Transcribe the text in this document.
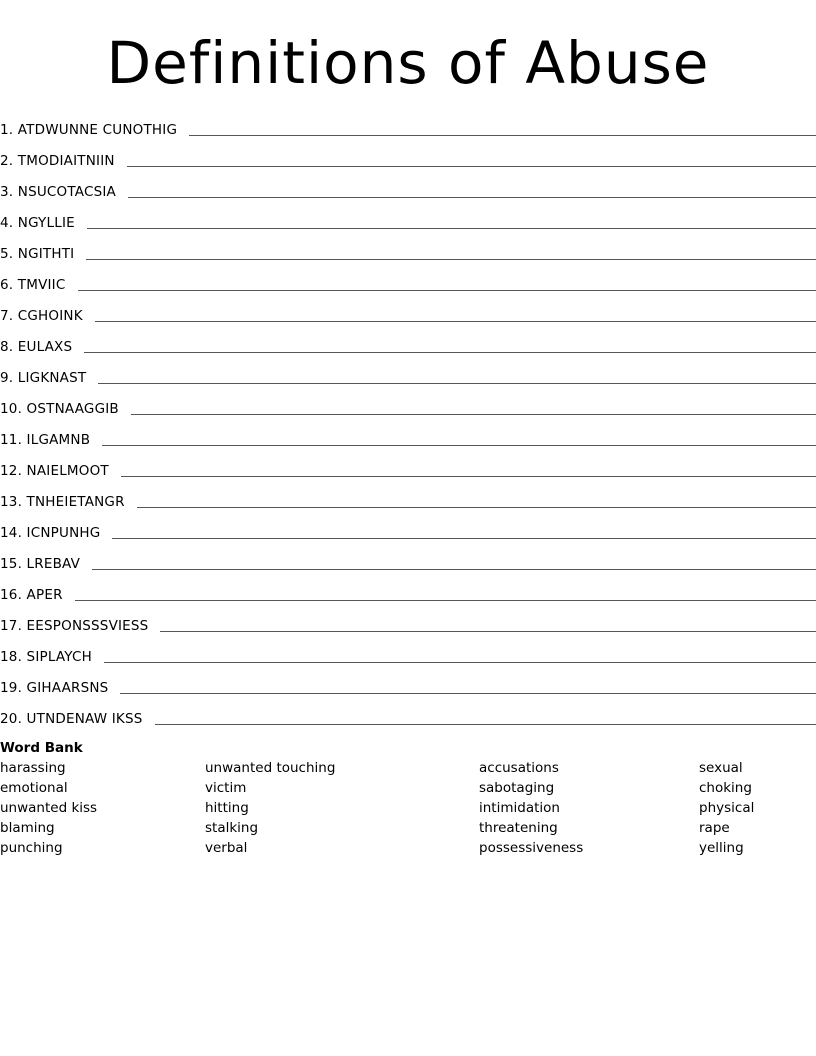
Definitions of Abuse
1. ATDWUNNE CUNOTHIG
2. TMODIAITNIIN
3. NSUCOTACSIA
4. NGYLLIE
5. NGITHTI
6. TMVIIC
7. CGHOINK
8. EULAXS
9. LIGKNAST
10. OSTNAAGGIB
11. ILGAMNB
12. NAIELMOOT
13. TNHEIETANGR
14. ICNPUNHG
15. LREBAV
16. APER
17. EESPONSSSVIESS
18. SIPLAYCH
19. GIHAARSNS
20. UTNDENAW IKSS
Word Bank
harassing
emotional
unwanted kiss
blaming
punching
unwanted touching
victim
hitting
stalking
verbal
accusations
sabotaging
intimidation
threatening
possessiveness
sexual
choking
physical
rape
yelling
